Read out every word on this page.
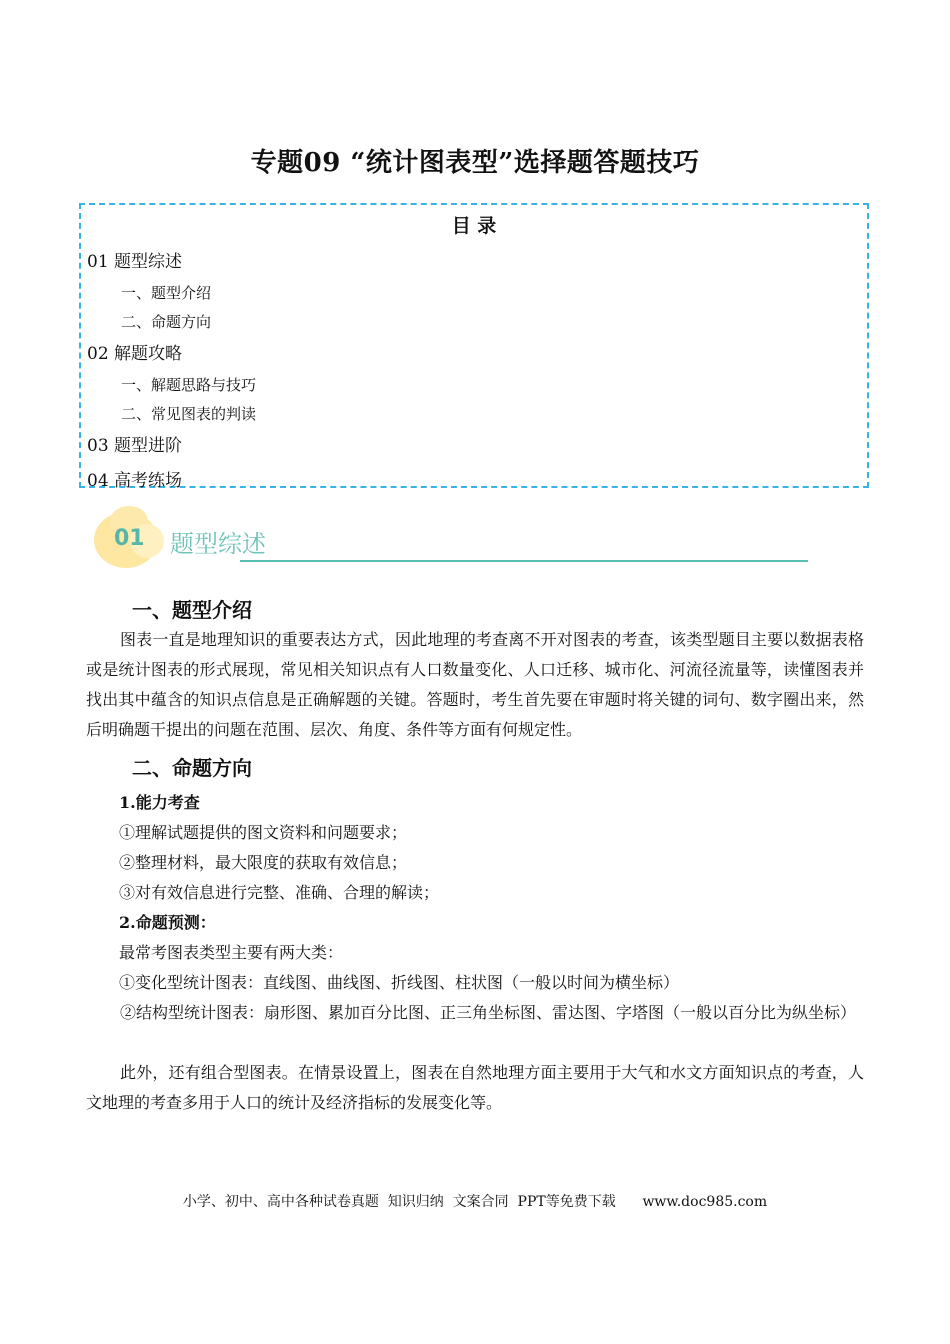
专题09 “统计图表型”选择题答题技巧
目 录
01 题型综述
一、题型介绍
二、命题方向
02 解题攻略
一、解题思路与技巧
二、常见图表的判读
03 题型进阶
04 高考练场
01 题型综述
一、题型介绍

图表一直是地理知识的重要表达方式，因此地理的考查离不开对图表的考查，该类型题目主要以数据表格或是统计图表的形式展现，常见相关知识点有人口数量变化、人口迁移、城市化、河流径流量等，读懂图表并找出其中蕴含的知识点信息是正确解题的关键。答题时，考生首先要在审题时将关键的词句、数字圈出来，然后明确题干提出的问题在范围、层次、角度、条件等方面有何规定性。

二、命题方向
1.能力考查
①理解试题提供的图文资料和问题要求；
②整理材料，最大限度的获取有效信息；
③对有效信息进行完整、准确、合理的解读；
2.命题预测：
最常考图表类型主要有两大类：
①变化型统计图表：直线图、曲线图、折线图、柱状图（一般以时间为横坐标）

②结构型统计图表：扇形图、累加百分比图、正三角坐标图、雷达图、字塔图（一般以百分比为纵坐标）

此外，还有组合型图表。在情景设置上，图表在自然地理方面主要用于大气和水文方面知识点的考查，人文地理的考查多用于人口的统计及经济指标的发展变化等。

小学、初中、高中各种试卷真题  知识归纳  文案合同  PPT等免费下载      www.doc985.com
